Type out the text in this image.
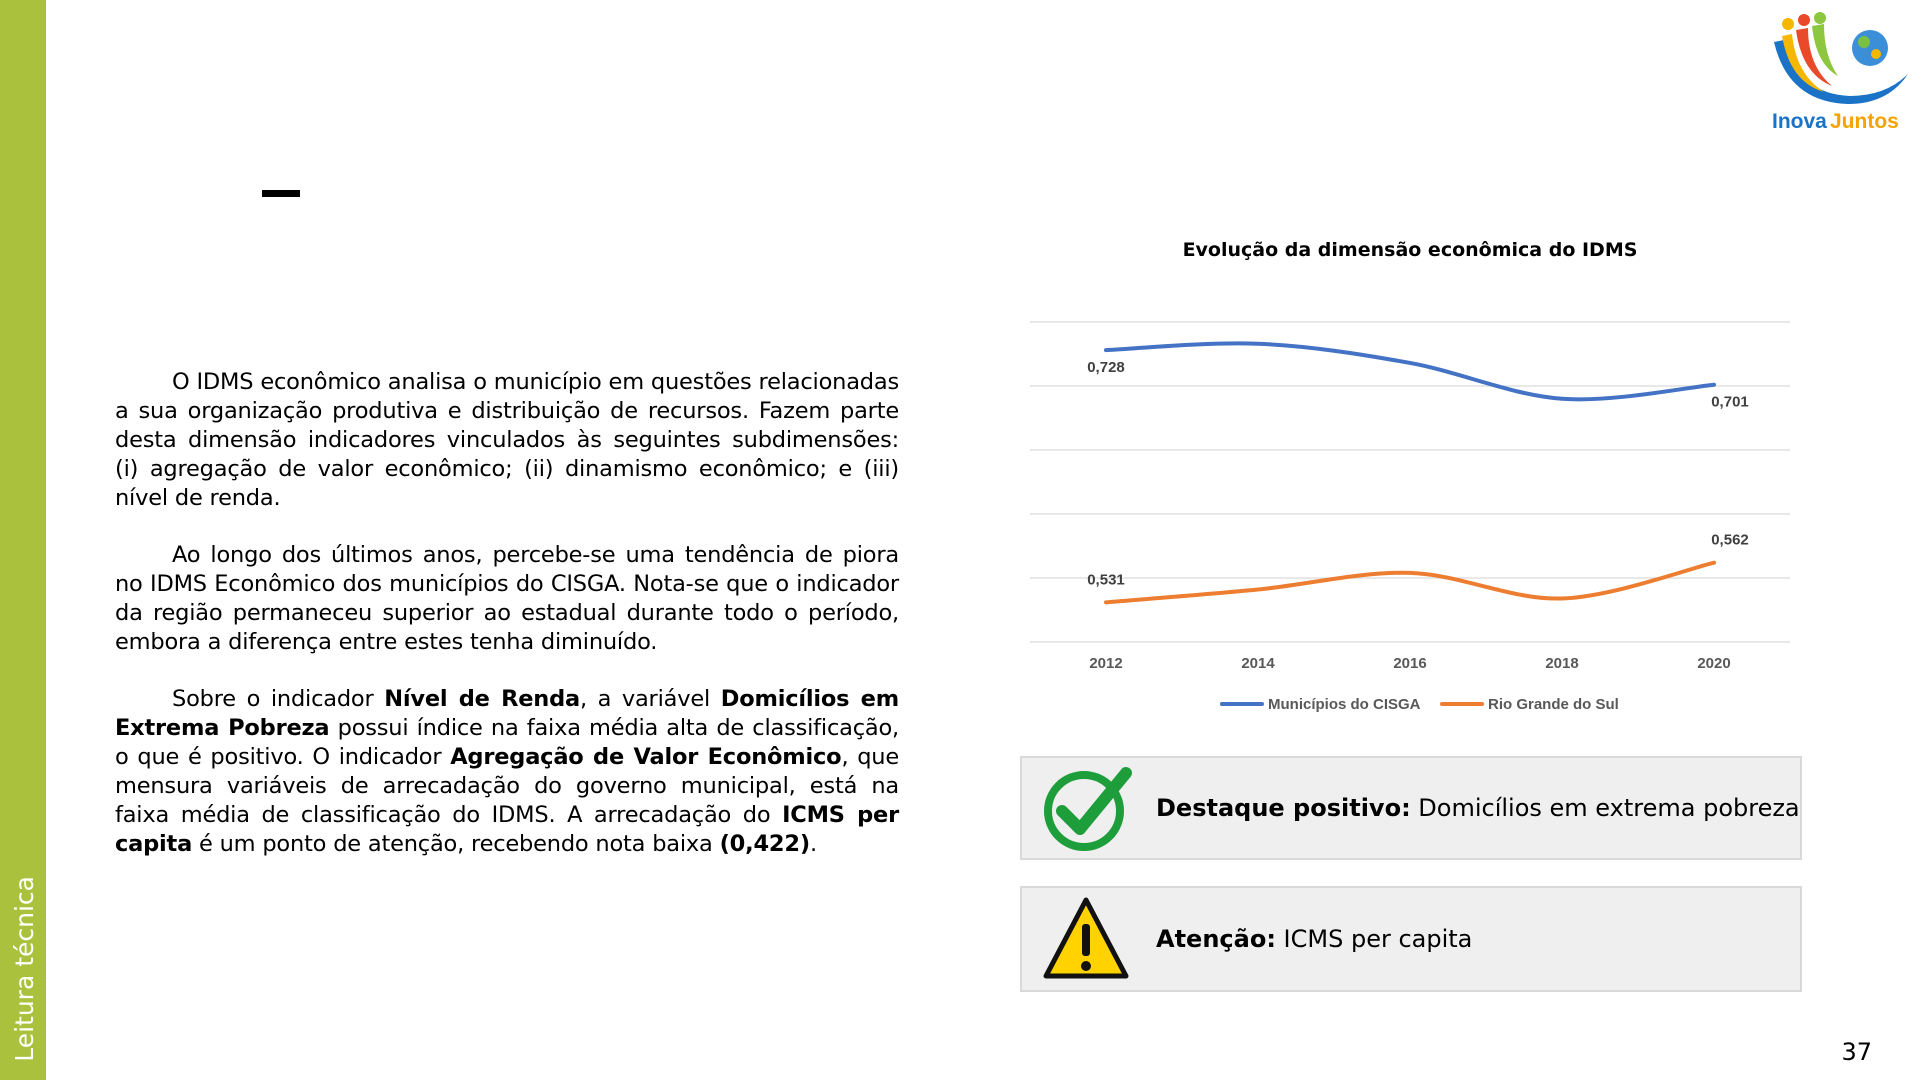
Leitura técnica
Inova Juntos

O IDMS econômico analisa o município em questões relacionadas a sua organização produtiva e distribuição de recursos. Fazem parte desta dimensão indicadores vinculados às seguintes subdimensões: (i) agregação de valor econômico; (ii) dinamismo econômico; e (iii) nível de renda.

Ao longo dos últimos anos, percebe-se uma tendência de piora no IDMS Econômico dos municípios do CISGA. Nota-se que o indicador da região permaneceu superior ao estadual durante todo o período, embora a diferença entre estes tenha diminuído.

Sobre o indicador Nível de Renda, a variável Domicílios em Extrema Pobreza possui índice na faixa média alta de classificação, o que é positivo. O indicador Agregação de Valor Econômico, que mensura variáveis de arrecadação do governo municipal, está na faixa média de classificação do IDMS. A arrecadação do ICMS per capita é um ponto de atenção, recebendo nota baixa (0,422).

Evolução da dimensão econômica do IDMS
0,728
0,701
0,531
0,562
2012	2014	2016	2018	2020
Municípios do CISGA	Rio Grande do Sul
Destaque positivo: Domicílios em extrema pobreza
Atenção: ICMS per capita
37
